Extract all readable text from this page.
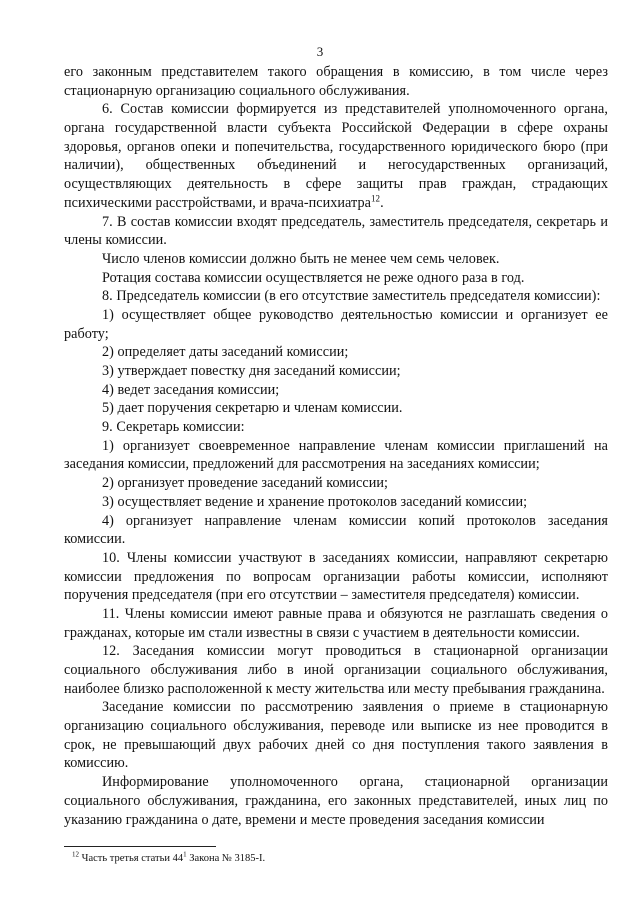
3

его законным представителем такого обращения в комиссию, в том числе через стационарную организацию социального обслуживания.

6. Состав комиссии формируется из представителей уполномоченного органа, органа государственной власти субъекта Российской Федерации в сфере охраны здоровья, органов опеки и попечительства, государственного юридического бюро (при наличии), общественных объединений и негосударственных организаций, осуществляющих деятельность в сфере защиты прав граждан, страдающих психическими расстройствами, и врача-психиатра$^{12}$.

7. В состав комиссии входят председатель, заместитель председателя, секретарь и члены комиссии.

Число членов комиссии должно быть не менее чем семь человек.

Ротация состава комиссии осуществляется не реже одного раза в год.

8. Председатель комиссии (в его отсутствие заместитель председателя комиссии):

1) осуществляет общее руководство деятельностью комиссии и организует ее работу;

2) определяет даты заседаний комиссии;

3) утверждает повестку дня заседаний комиссии;

4) ведет заседания комиссии;

5) дает поручения секретарю и членам комиссии.

9. Секретарь комиссии:

1) организует своевременное направление членам комиссии приглашений на заседания комиссии, предложений для рассмотрения на заседаниях комиссии;

2) организует проведение заседаний комиссии;

3) осуществляет ведение и хранение протоколов заседаний комиссии;

4) организует направление членам комиссии копий протоколов заседания комиссии.

10. Члены комиссии участвуют в заседаниях комиссии, направляют секретарю комиссии предложения по вопросам организации работы комиссии, исполняют поручения председателя (при его отсутствии – заместителя председателя) комиссии.

11. Члены комиссии имеют равные права и обязуются не разглашать сведения о гражданах, которые им стали известны в связи с участием в деятельности комиссии.

12. Заседания комиссии могут проводиться в стационарной организации социального обслуживания либо в иной организации социального обслуживания, наиболее близко расположенной к месту жительства или месту пребывания гражданина.

Заседание комиссии по рассмотрению заявления о приеме в стационарную организацию социального обслуживания, переводе или выписке из нее проводится в срок, не превышающий двух рабочих дней со дня поступления такого заявления в комиссию.

Информирование уполномоченного органа, стационарной организации социального обслуживания, гражданина, его законных представителей, иных лиц по указанию гражданина о дате, времени и месте проведения заседания комиссии

$^{12}$ Часть третья статьи $44^1$ Закона № 3185-I.
